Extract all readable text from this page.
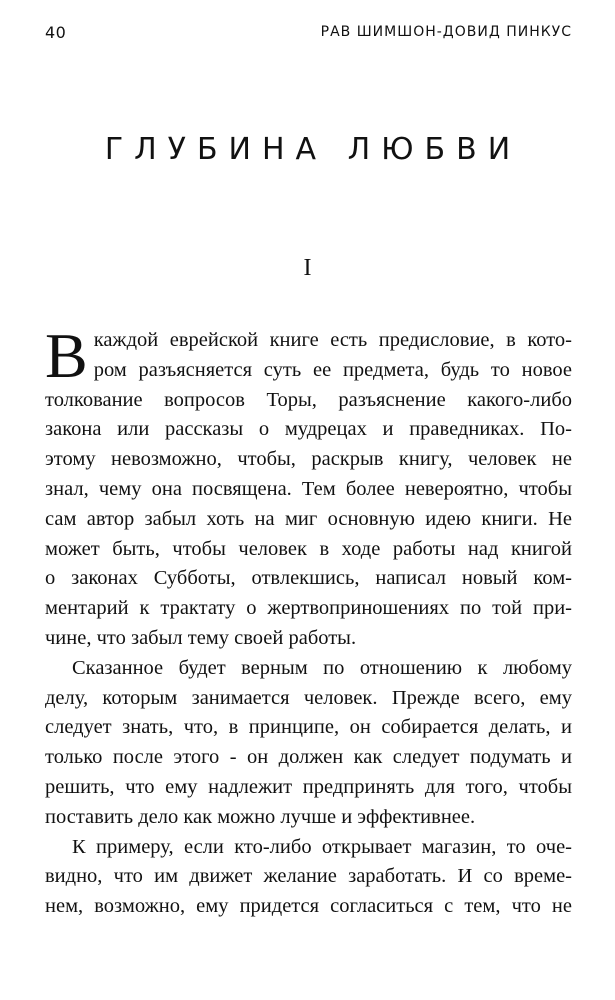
40	РАВ ШИМШОН-ДОВИД ПИНКУС
ГЛУБИНА ЛЮБВИ
I
В каждой еврейской книге есть предисловие, в кото-
ром разъясняется суть ее предмета, будь то новое
толкование вопросов Торы, разъяснение какого-либо
закона или рассказы о мудрецах и праведниках. По-
этому невозможно, чтобы, раскрыв книгу, человек не
знал, чему она посвящена. Тем более невероятно, чтобы
сам автор забыл хоть на миг основную идею книги. Не
может быть, чтобы человек в ходе работы над книгой
о законах Субботы, отвлекшись, написал новый ком-
ментарий к трактату о жертвоприношениях по той при-
чине, что забыл тему своей работы.
Сказанное будет верным по отношению к любому
делу, которым занимается человек. Прежде всего, ему
следует знать, что, в принципе, он собирается делать, и
только после этого - он должен как следует подумать и
решить, что ему надлежит предпринять для того, чтобы
поставить дело как можно лучше и эффективнее.
К примеру, если кто-либо открывает магазин, то оче-
видно, что им движет желание заработать. И со време-
нем, возможно, ему придется согласиться с тем, что не
